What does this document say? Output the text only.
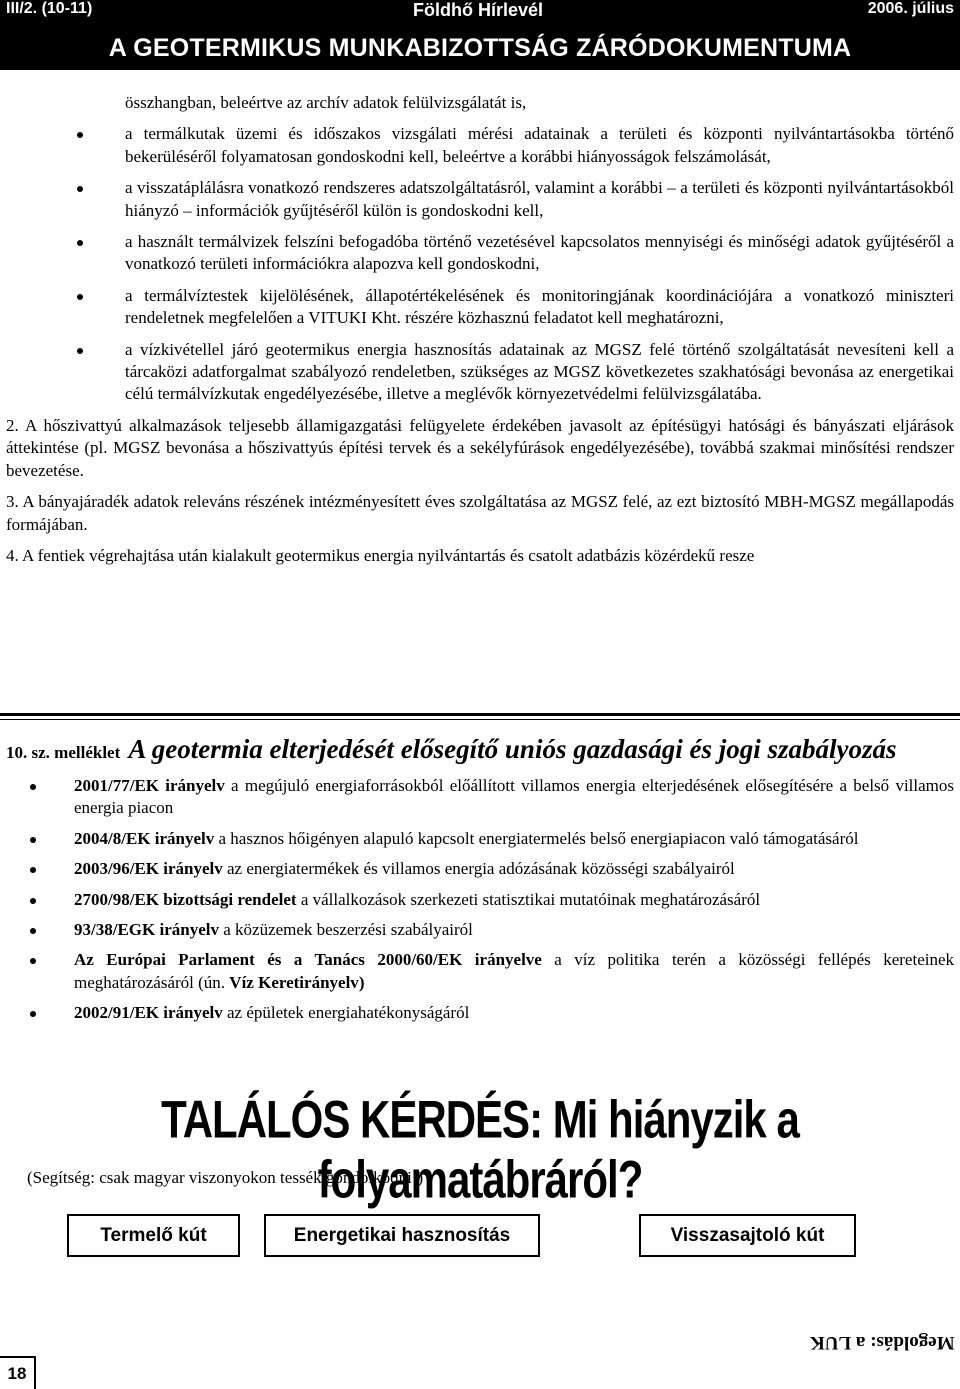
III/2. (10-11)	Földhő Hírlevél	2006. július
A GEOTERMIKUS MUNKABIZOTTSÁG ZÁRÓDOKUMENTUMA

összhangban, beleértve az archív adatok felülvizsgálatát is,

a termálkutak üzemi és időszakos vizsgálati mérési adatainak a területi és központi nyilvántartásokba történő bekerüléséről folyamatosan gondoskodni kell, beleértve a korábbi hiányosságok felszámolását,
a visszatáplálásra vonatkozó rendszeres adatszolgáltatásról, valamint a korábbi – a területi és központi nyilvántartásokból hiányzó – információk gyűjtéséről külön is gondoskodni kell,
a használt termálvizek felszíni befogadóba történő vezetésével kapcsolatos mennyiségi és minőségi adatok gyűjtéséről a vonatkozó területi információkra alapozva kell gondoskodni,
a termálvíztestek kijelölésének, állapotértékelésének és monitoringjának koordinációjára a vonatkozó miniszteri rendeletnek megfelelően a VITUKI Kht. részére közhasznú feladatot kell meghatározni,
a vízkivétellel járó geotermikus energia hasznosítás adatainak az MGSZ felé történő szolgáltatását nevesíteni kell a tárcaközi adatforgalmat szabályozó rendeletben, szükséges az MGSZ következetes szakhatósági bevonása az energetikai célú termálvízkutak engedélyezésébe, illetve a meglévők környezetvédelmi felülvizsgálatába.

2. A hőszivattyú alkalmazások teljesebb államigazgatási felügyelete érdekében javasolt az építésügyi hatósági és bányászati eljárások áttekintése (pl. MGSZ bevonása a hőszivattyús építési tervek és a sekélyfúrások engedélyezésébe), továbbá szakmai minősítési rendszer bevezetése.

3. A bányajáradék adatok releváns részének intézményesített éves szolgáltatása az MGSZ felé, az ezt biztosító MBH-MGSZ megállapodás formájában.

4. A fentiek végrehajtása után kialakult geotermikus energia nyilvántartás és csatolt adatbázis közérdekű resze

10. sz. melléklet A geotermia elterjedését elősegítő uniós gazdasági és jogi szabályozás
2001/77/EK irányelv a megújuló energiaforrásokból előállított villamos energia elterjedésének elősegítésére a belső villamos energia piacon
2004/8/EK irányelv a hasznos hőigényen alapuló kapcsolt energiatermelés belső energiapiacon való támogatásáról
2003/96/EK irányelv az energiatermékek és villamos energia adózásának közösségi szabályairól
2700/98/EK bizottsági rendelet a vállalkozások szerkezeti statisztikai mutatóinak meghatározásáról
93/38/EGK irányelv a közüzemek beszerzési szabályairól
Az Európai Parlament és a Tanács 2000/60/EK irányelve a víz politika terén a közösségi fellépés kereteinek meghatározásáról (ún. Víz Keretirányelv)
2002/91/EK irányelv az épületek energiahatékonyságáról
TALÁLÓS KÉRDÉS: Mi hiányzik a folyamatábráról?
(Segítség: csak magyar viszonyokon tessék gondolkodni!)
Termelő kút	Energetikai hasznosítás	Visszasajtoló kút
Megoldás: a LUK
18
